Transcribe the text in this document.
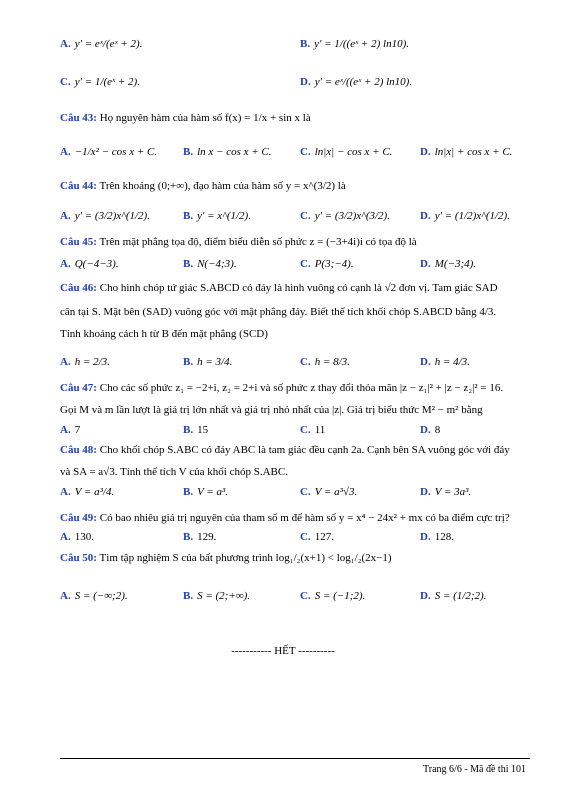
A. y′ = eˣ/(eˣ + 2).	B. y′ = 1/((eˣ + 2) ln10).
C. y′ = 1/(eˣ + 2).	D. y′ = eˣ/((eˣ + 2) ln10).
Câu 43: Họ nguyên hàm của hàm số f(x) = 1/x + sin x là
A. −1/x² − cos x + C. B. ln x − cos x + C.	C. ln|x| − cos x + C.	D. ln|x| + cos x + C.
Câu 44: Trên khoảng (0;+∞), đạo hàm của hàm số y = x^(3/2) là
A. y′ = (3/2)x^(1/2).	B. y′ = x^(1/2).	C. y′ = (3/2)x^(3/2).	D. y′ = (1/2)x^(1/2).
Câu 45: Trên mặt phẳng tọa độ, điểm biểu diễn số phức z = (−3+4i)i có tọa độ là
A. Q(−4−3).	B. N(−4;3).	C. P(3;−4).	D. M(−3;4).
Câu 46: Cho hình chóp tứ giác S.ABCD có đáy là hình vuông có cạnh là √2 đơn vị. Tam giác SAD
cân tại S. Mặt bên (SAD) vuông góc với mặt phẳng đáy. Biết thể tích khối chóp S.ABCD bằng 4/3.
Tính khoảng cách h từ B đến mặt phẳng (SCD)
A. h = 2/3.	B. h = 3/4.	C. h = 8/3.	D. h = 4/3.
Câu 47: Cho các số phức z₁ = −2+i, z₂ = 2+i và số phức z thay đổi thỏa mãn |z − z₁|² + |z − z₂|² = 16.
Gọi M và m lần lượt là giá trị lớn nhất và giá trị nhỏ nhất của |z|. Giá trị biểu thức M² − m² bằng
A. 7	B. 15	C. 11	D. 8
Câu 48: Cho khối chóp S.ABC có đáy ABC là tam giác đều cạnh 2a. Cạnh bên SA vuông góc với đáy
và SA = a√3. Tính thể tích V của khối chóp S.ABC.
A. V = a³/4.	B. V = a³.	C. V = a³√3.	D. V = 3a³.
Câu 49: Có bao nhiêu giá trị nguyên của tham số m để hàm số y = x⁴ − 24x² + mx có ba điểm cực trị?
A. 130.	B. 129.	C. 127.	D. 128.
Câu 50: Tìm tập nghiệm S của bất phương trình log₁/₂(x+1) < log₁/₂(2x−1)
A. S = (−∞;2).	B. S = (2;+∞).	C. S = (−1;2).	D. S = (1/2;2).
----------- HẾT ----------
Trang 6/6 - Mã đề thi 101
